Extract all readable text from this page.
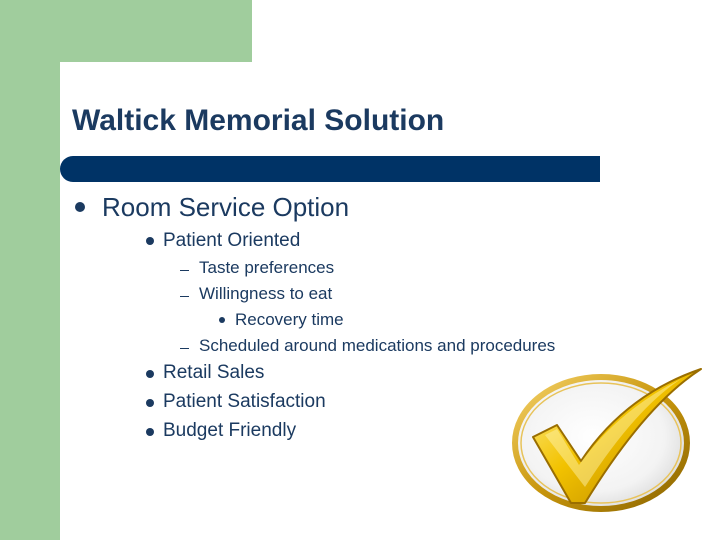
Waltick Memorial Solution
Room Service Option
Patient Oriented
Taste preferences
Willingness to eat
Recovery time
Scheduled around medications and procedures
Retail Sales
Patient Satisfaction
Budget Friendly
